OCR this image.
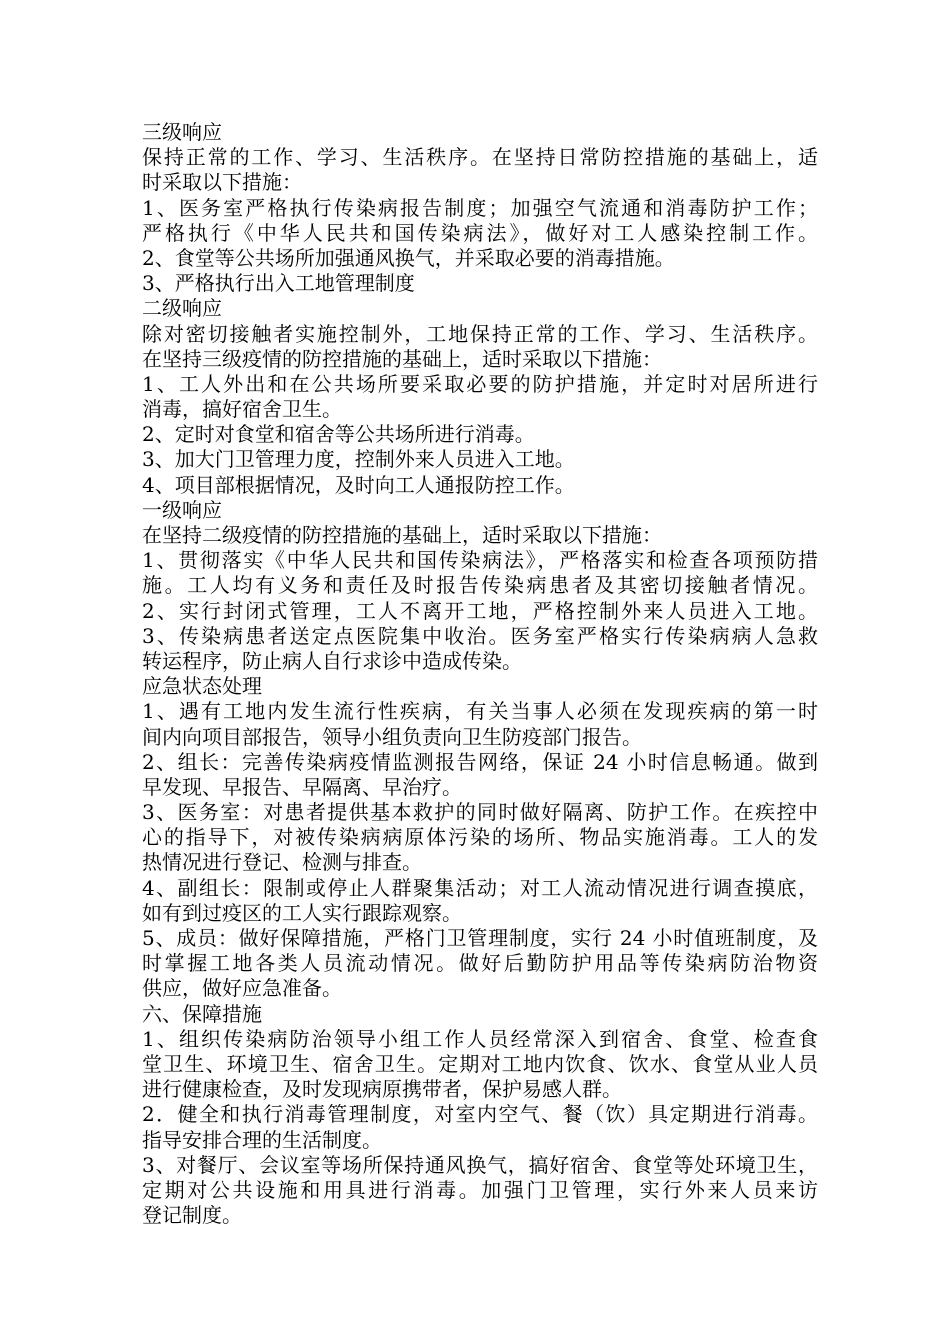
三级响应
保持正常的工作、学习、生活秩序。在坚持日常防控措施的基础上，适
时采取以下措施：
1、医务室严格执行传染病报告制度；加强空气流通和消毒防护工作；
严格执行《中华人民共和国传染病法》，做好对工人感染控制工作。
2、食堂等公共场所加强通风换气，并采取必要的消毒措施。
3、严格执行出入工地管理制度
二级响应
除对密切接触者实施控制外，工地保持正常的工作、学习、生活秩序。
在坚持三级疫情的防控措施的基础上，适时采取以下措施：
1、工人外出和在公共场所要采取必要的防护措施，并定时对居所进行
消毒，搞好宿舍卫生。
2、定时对食堂和宿舍等公共场所进行消毒。
3、加大门卫管理力度，控制外来人员进入工地。
4、项目部根据情况，及时向工人通报防控工作。
一级响应
在坚持二级疫情的防控措施的基础上，适时采取以下措施：
1、贯彻落实《中华人民共和国传染病法》，严格落实和检查各项预防措
施。工人均有义务和责任及时报告传染病患者及其密切接触者情况。
2、实行封闭式管理，工人不离开工地，严格控制外来人员进入工地。
3、传染病患者送定点医院集中收治。医务室严格实行传染病病人急救
转运程序，防止病人自行求诊中造成传染。
应急状态处理
1、遇有工地内发生流行性疾病，有关当事人必须在发现疾病的第一时
间内向项目部报告，领导小组负责向卫生防疫部门报告。
2、组长：完善传染病疫情监测报告网络，保证 24 小时信息畅通。做到
早发现、早报告、早隔离、早治疗。
3、医务室：对患者提供基本救护的同时做好隔离、防护工作。在疾控中
心的指导下，对被传染病病原体污染的场所、物品实施消毒。工人的发
热情况进行登记、检测与排查。
4、副组长：限制或停止人群聚集活动；对工人流动情况进行调查摸底，
如有到过疫区的工人实行跟踪观察。
5、成员：做好保障措施，严格门卫管理制度，实行 24 小时值班制度，及
时掌握工地各类人员流动情况。做好后勤防护用品等传染病防治物资
供应，做好应急准备。
六、保障措施
1、组织传染病防治领导小组工作人员经常深入到宿舍、食堂、检查食
堂卫生、环境卫生、宿舍卫生。定期对工地内饮食、饮水、食堂从业人员
进行健康检查，及时发现病原携带者，保护易感人群。
2．健全和执行消毒管理制度，对室内空气、餐（饮）具定期进行消毒。
指导安排合理的生活制度。
3、对餐厅、会议室等场所保持通风换气，搞好宿舍、食堂等处环境卫生，
定期对公共设施和用具进行消毒。加强门卫管理，实行外来人员来访
登记制度。
